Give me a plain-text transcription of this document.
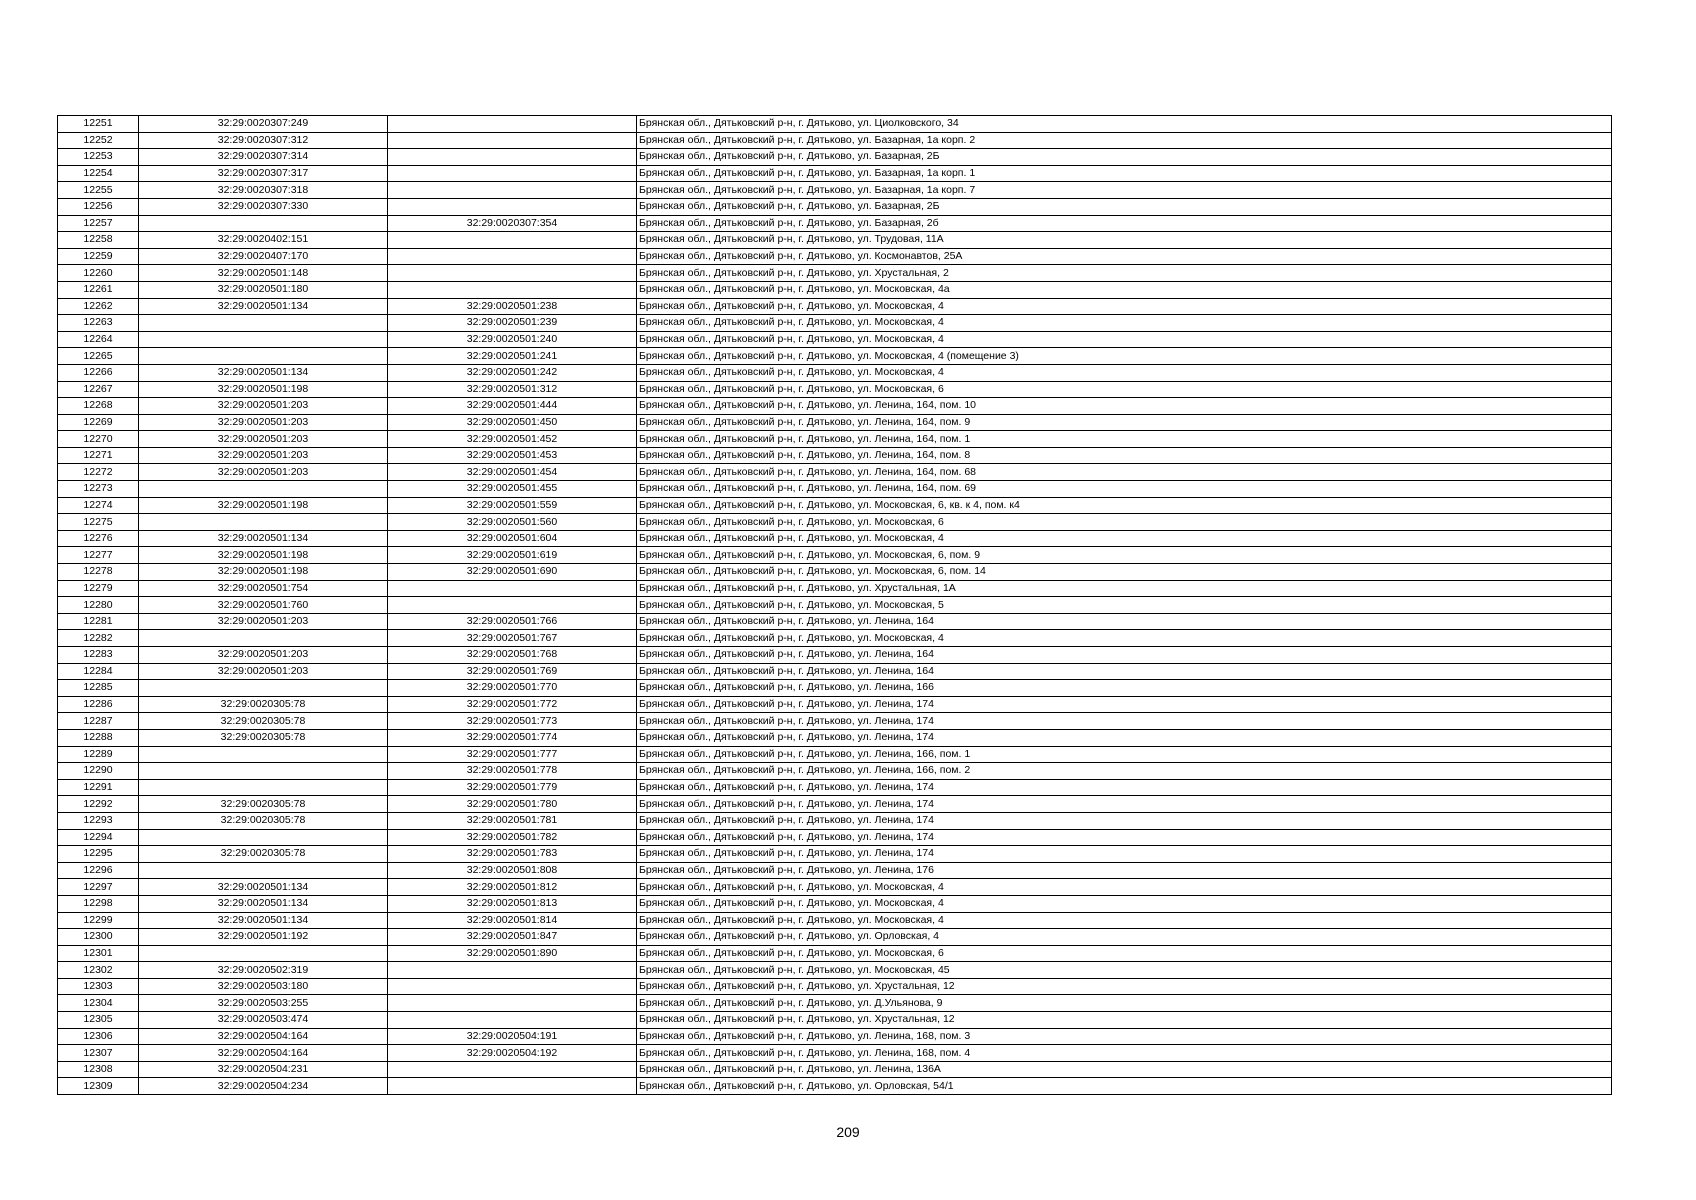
12251	32:29:0020307:249		Брянская обл., Дятьковский р-н, г. Дятьково, ул. Циолковского, 34
12252	32:29:0020307:312		Брянская обл., Дятьковский р-н, г. Дятьково, ул. Базарная, 1а корп. 2
12253	32:29:0020307:314		Брянская обл., Дятьковский р-н, г. Дятьково, ул. Базарная, 2Б
12254	32:29:0020307:317		Брянская обл., Дятьковский р-н, г. Дятьково, ул. Базарная, 1а корп. 1
12255	32:29:0020307:318		Брянская обл., Дятьковский р-н, г. Дятьково, ул. Базарная, 1а корп. 7
12256	32:29:0020307:330		Брянская обл., Дятьковский р-н, г. Дятьково, ул. Базарная, 2Б
12257		32:29:0020307:354	Брянская обл., Дятьковский р-н, г. Дятьково, ул. Базарная, 2б
12258	32:29:0020402:151		Брянская обл., Дятьковский р-н, г. Дятьково, ул. Трудовая, 11А
12259	32:29:0020407:170		Брянская обл., Дятьковский р-н, г. Дятьково, ул. Космонавтов, 25А
12260	32:29:0020501:148		Брянская обл., Дятьковский р-н, г. Дятьково, ул. Хрустальная, 2
12261	32:29:0020501:180		Брянская обл., Дятьковский р-н, г. Дятьково, ул. Московская, 4а
12262	32:29:0020501:134	32:29:0020501:238	Брянская обл., Дятьковский р-н, г. Дятьково, ул. Московская, 4
12263		32:29:0020501:239	Брянская обл., Дятьковский р-н, г. Дятьково, ул. Московская, 4
12264		32:29:0020501:240	Брянская обл., Дятьковский р-н, г. Дятьково, ул. Московская, 4
12265		32:29:0020501:241	Брянская обл., Дятьковский р-н, г. Дятьково, ул. Московская, 4 (помещение 3)
12266	32:29:0020501:134	32:29:0020501:242	Брянская обл., Дятьковский р-н, г. Дятьково, ул. Московская, 4
12267	32:29:0020501:198	32:29:0020501:312	Брянская обл., Дятьковский р-н, г. Дятьково, ул. Московская, 6
12268	32:29:0020501:203	32:29:0020501:444	Брянская обл., Дятьковский р-н, г. Дятьково, ул. Ленина, 164, пом. 10
12269	32:29:0020501:203	32:29:0020501:450	Брянская обл., Дятьковский р-н, г. Дятьково, ул. Ленина, 164, пом. 9
12270	32:29:0020501:203	32:29:0020501:452	Брянская обл., Дятьковский р-н, г. Дятьково, ул. Ленина, 164, пом. 1
12271	32:29:0020501:203	32:29:0020501:453	Брянская обл., Дятьковский р-н, г. Дятьково, ул. Ленина, 164, пом. 8
12272	32:29:0020501:203	32:29:0020501:454	Брянская обл., Дятьковский р-н, г. Дятьково, ул. Ленина, 164, пом. 68
12273		32:29:0020501:455	Брянская обл., Дятьковский р-н, г. Дятьково, ул. Ленина, 164, пом. 69
12274	32:29:0020501:198	32:29:0020501:559	Брянская обл., Дятьковский р-н, г. Дятьково, ул. Московская, 6, кв. к 4, пом. к4
12275		32:29:0020501:560	Брянская обл., Дятьковский р-н, г. Дятьково, ул. Московская, 6
12276	32:29:0020501:134	32:29:0020501:604	Брянская обл., Дятьковский р-н, г. Дятьково, ул. Московская, 4
12277	32:29:0020501:198	32:29:0020501:619	Брянская обл., Дятьковский р-н, г. Дятьково, ул. Московская, 6, пом. 9
12278	32:29:0020501:198	32:29:0020501:690	Брянская обл., Дятьковский р-н, г. Дятьково, ул. Московская, 6, пом. 14
12279	32:29:0020501:754		Брянская обл., Дятьковский р-н, г. Дятьково, ул. Хрустальная, 1А
12280	32:29:0020501:760		Брянская обл., Дятьковский р-н, г. Дятьково, ул. Московская, 5
12281	32:29:0020501:203	32:29:0020501:766	Брянская обл., Дятьковский р-н, г. Дятьково, ул. Ленина, 164
12282		32:29:0020501:767	Брянская обл., Дятьковский р-н, г. Дятьково, ул. Московская, 4
12283	32:29:0020501:203	32:29:0020501:768	Брянская обл., Дятьковский р-н, г. Дятьково, ул. Ленина, 164
12284	32:29:0020501:203	32:29:0020501:769	Брянская обл., Дятьковский р-н, г. Дятьково, ул. Ленина, 164
12285		32:29:0020501:770	Брянская обл., Дятьковский р-н, г. Дятьково, ул. Ленина, 166
12286	32:29:0020305:78	32:29:0020501:772	Брянская обл., Дятьковский р-н, г. Дятьково, ул. Ленина, 174
12287	32:29:0020305:78	32:29:0020501:773	Брянская обл., Дятьковский р-н, г. Дятьково, ул. Ленина, 174
12288	32:29:0020305:78	32:29:0020501:774	Брянская обл., Дятьковский р-н, г. Дятьково, ул. Ленина, 174
12289		32:29:0020501:777	Брянская обл., Дятьковский р-н, г. Дятьково, ул. Ленина, 166, пом. 1
12290		32:29:0020501:778	Брянская обл., Дятьковский р-н, г. Дятьково, ул. Ленина, 166, пом. 2
12291		32:29:0020501:779	Брянская обл., Дятьковский р-н, г. Дятьково, ул. Ленина, 174
12292	32:29:0020305:78	32:29:0020501:780	Брянская обл., Дятьковский р-н, г. Дятьково, ул. Ленина, 174
12293	32:29:0020305:78	32:29:0020501:781	Брянская обл., Дятьковский р-н, г. Дятьково, ул. Ленина, 174
12294		32:29:0020501:782	Брянская обл., Дятьковский р-н, г. Дятьково, ул. Ленина, 174
12295	32:29:0020305:78	32:29:0020501:783	Брянская обл., Дятьковский р-н, г. Дятьково, ул. Ленина, 174
12296		32:29:0020501:808	Брянская обл., Дятьковский р-н, г. Дятьково, ул. Ленина, 176
12297	32:29:0020501:134	32:29:0020501:812	Брянская обл., Дятьковский р-н, г. Дятьково, ул. Московская, 4
12298	32:29:0020501:134	32:29:0020501:813	Брянская обл., Дятьковский р-н, г. Дятьково, ул. Московская, 4
12299	32:29:0020501:134	32:29:0020501:814	Брянская обл., Дятьковский р-н, г. Дятьково, ул. Московская, 4
12300	32:29:0020501:192	32:29:0020501:847	Брянская обл., Дятьковский р-н, г. Дятьково, ул. Орловская, 4
12301		32:29:0020501:890	Брянская обл., Дятьковский р-н, г. Дятьково, ул. Московская, 6
12302	32:29:0020502:319		Брянская обл., Дятьковский р-н, г. Дятьково, ул. Московская, 45
12303	32:29:0020503:180		Брянская обл., Дятьковский р-н, г. Дятьково, ул. Хрустальная, 12
12304	32:29:0020503:255		Брянская обл., Дятьковский р-н, г. Дятьково, ул. Д.Ульянова, 9
12305	32:29:0020503:474		Брянская обл., Дятьковский р-н, г. Дятьково, ул. Хрустальная, 12
12306	32:29:0020504:164	32:29:0020504:191	Брянская обл., Дятьковский р-н, г. Дятьково, ул. Ленина, 168, пом. 3
12307	32:29:0020504:164	32:29:0020504:192	Брянская обл., Дятьковский р-н, г. Дятьково, ул. Ленина, 168, пом. 4
12308	32:29:0020504:231		Брянская обл., Дятьковский р-н, г. Дятьково, ул. Ленина, 136А
12309	32:29:0020504:234		Брянская обл., Дятьковский р-н, г. Дятьково, ул. Орловская, 54/1
209
